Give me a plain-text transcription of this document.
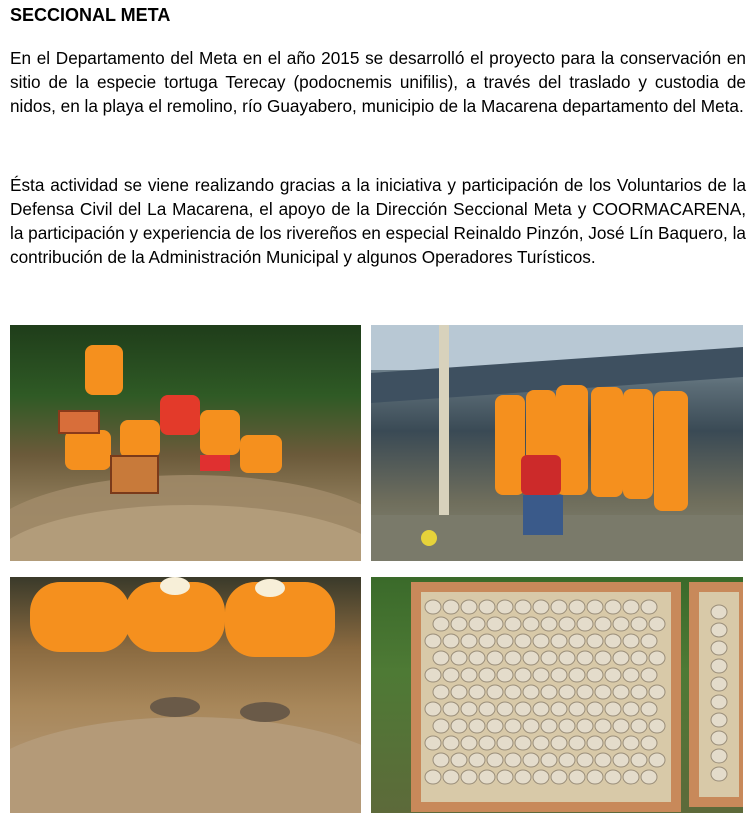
SECCIONAL META

En el Departamento del Meta en el año 2015 se desarrolló el proyecto para la conservación en sitio de la especie tortuga Terecay (podocnemis unifilis), a través del traslado y custodia de nidos, en la playa el remolino, río Guayabero, municipio de la Macarena departamento del Meta.

Ésta actividad se viene realizando gracias a la iniciativa y participación de los Voluntarios de la Defensa Civil del La Macarena, el apoyo de la Dirección Seccional Meta y COORMACARENA, la participación y experiencia de los rivereños en especial Reinaldo Pinzón, José Lín Baquero, la contribución de la Administración Municipal y algunos Operadores Turísticos.
